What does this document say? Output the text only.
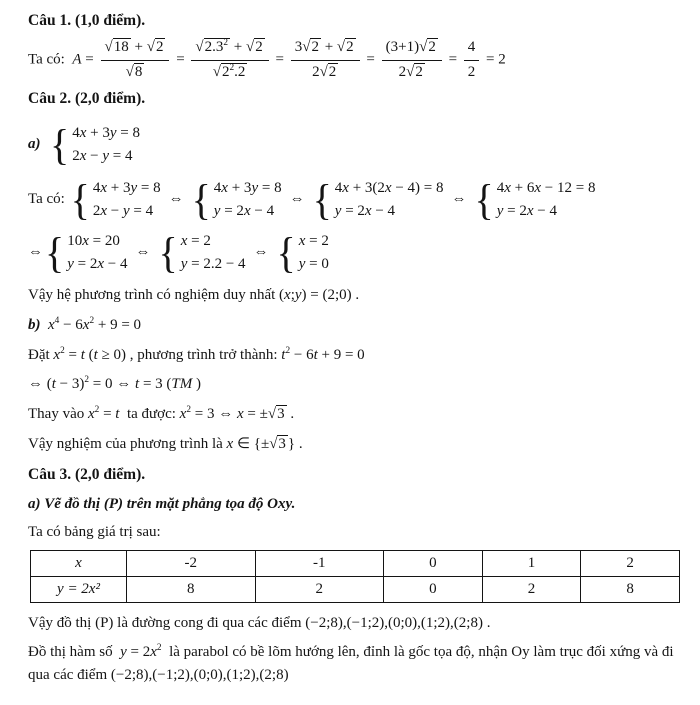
Câu 1. (1,0 điểm).
Ta có:  $A = \frac{√18 + √2}{√8} = \frac{√2.3^2 + √2}{√2^2.2} = \frac{3√2 + √2}{2√2} = \frac{(3+1)√2}{2√2} = \frac{4}{2} = 2$
Câu 2. (2,0 điểm).
a) { 4x + 3y = 8
2x − y = 4
Ta có: { 4x + 3y = 8
2x − y = 4
⇔ { 4x + 3y = 8
y = 2x − 4
⇔ { 4x + 3(2x − 4) = 8
y = 2x − 4
⇔ { 4x + 6x − 12 = 8
y = 2x − 4
⇔ { 10x = 20
y = 2x − 4
⇔ { x = 2
y = 2.2 − 4
⇔ { x = 2
y = 0
Vậy hệ phương trình có nghiệm duy nhất (x;y) = (2;0) .
b) $x^4 - 6x^2 + 9 = 0$
Đặt $x^2 = t$ (t ≥ 0) , phương trình trở thành: $t^2 - 6t + 9 = 0$
⇔ $(t - 3)^2 = 0$ ⇔ t = 3 (TM )
Thay vào $x^2 = t$  ta được: $x^2 = 3$ ⇔ x = ±√3 .
Vậy nghiệm của phương trình là x ∈ {±√3 } .
Câu 3. (2,0 điểm).
a) Vẽ đồ thị (P) trên mặt phẳng tọa độ Oxy.
Ta có bảng giá trị sau:
x	-2	-1	0	1	2
y = 2x²	8	2	0	2	8
Vậy đồ thị (P) là đường cong đi qua các điểm (−2;8),(−1;2),(0;0),(1;2),(2;8) .
Đồ thị hàm số  $y = 2x^2$  là parabol có bề lõm hướng lên, đỉnh là gốc tọa độ, nhận Oy làm trục đối xứng và đi qua các điểm (−2;8),(−1;2),(0;0),(1;2),(2;8)
